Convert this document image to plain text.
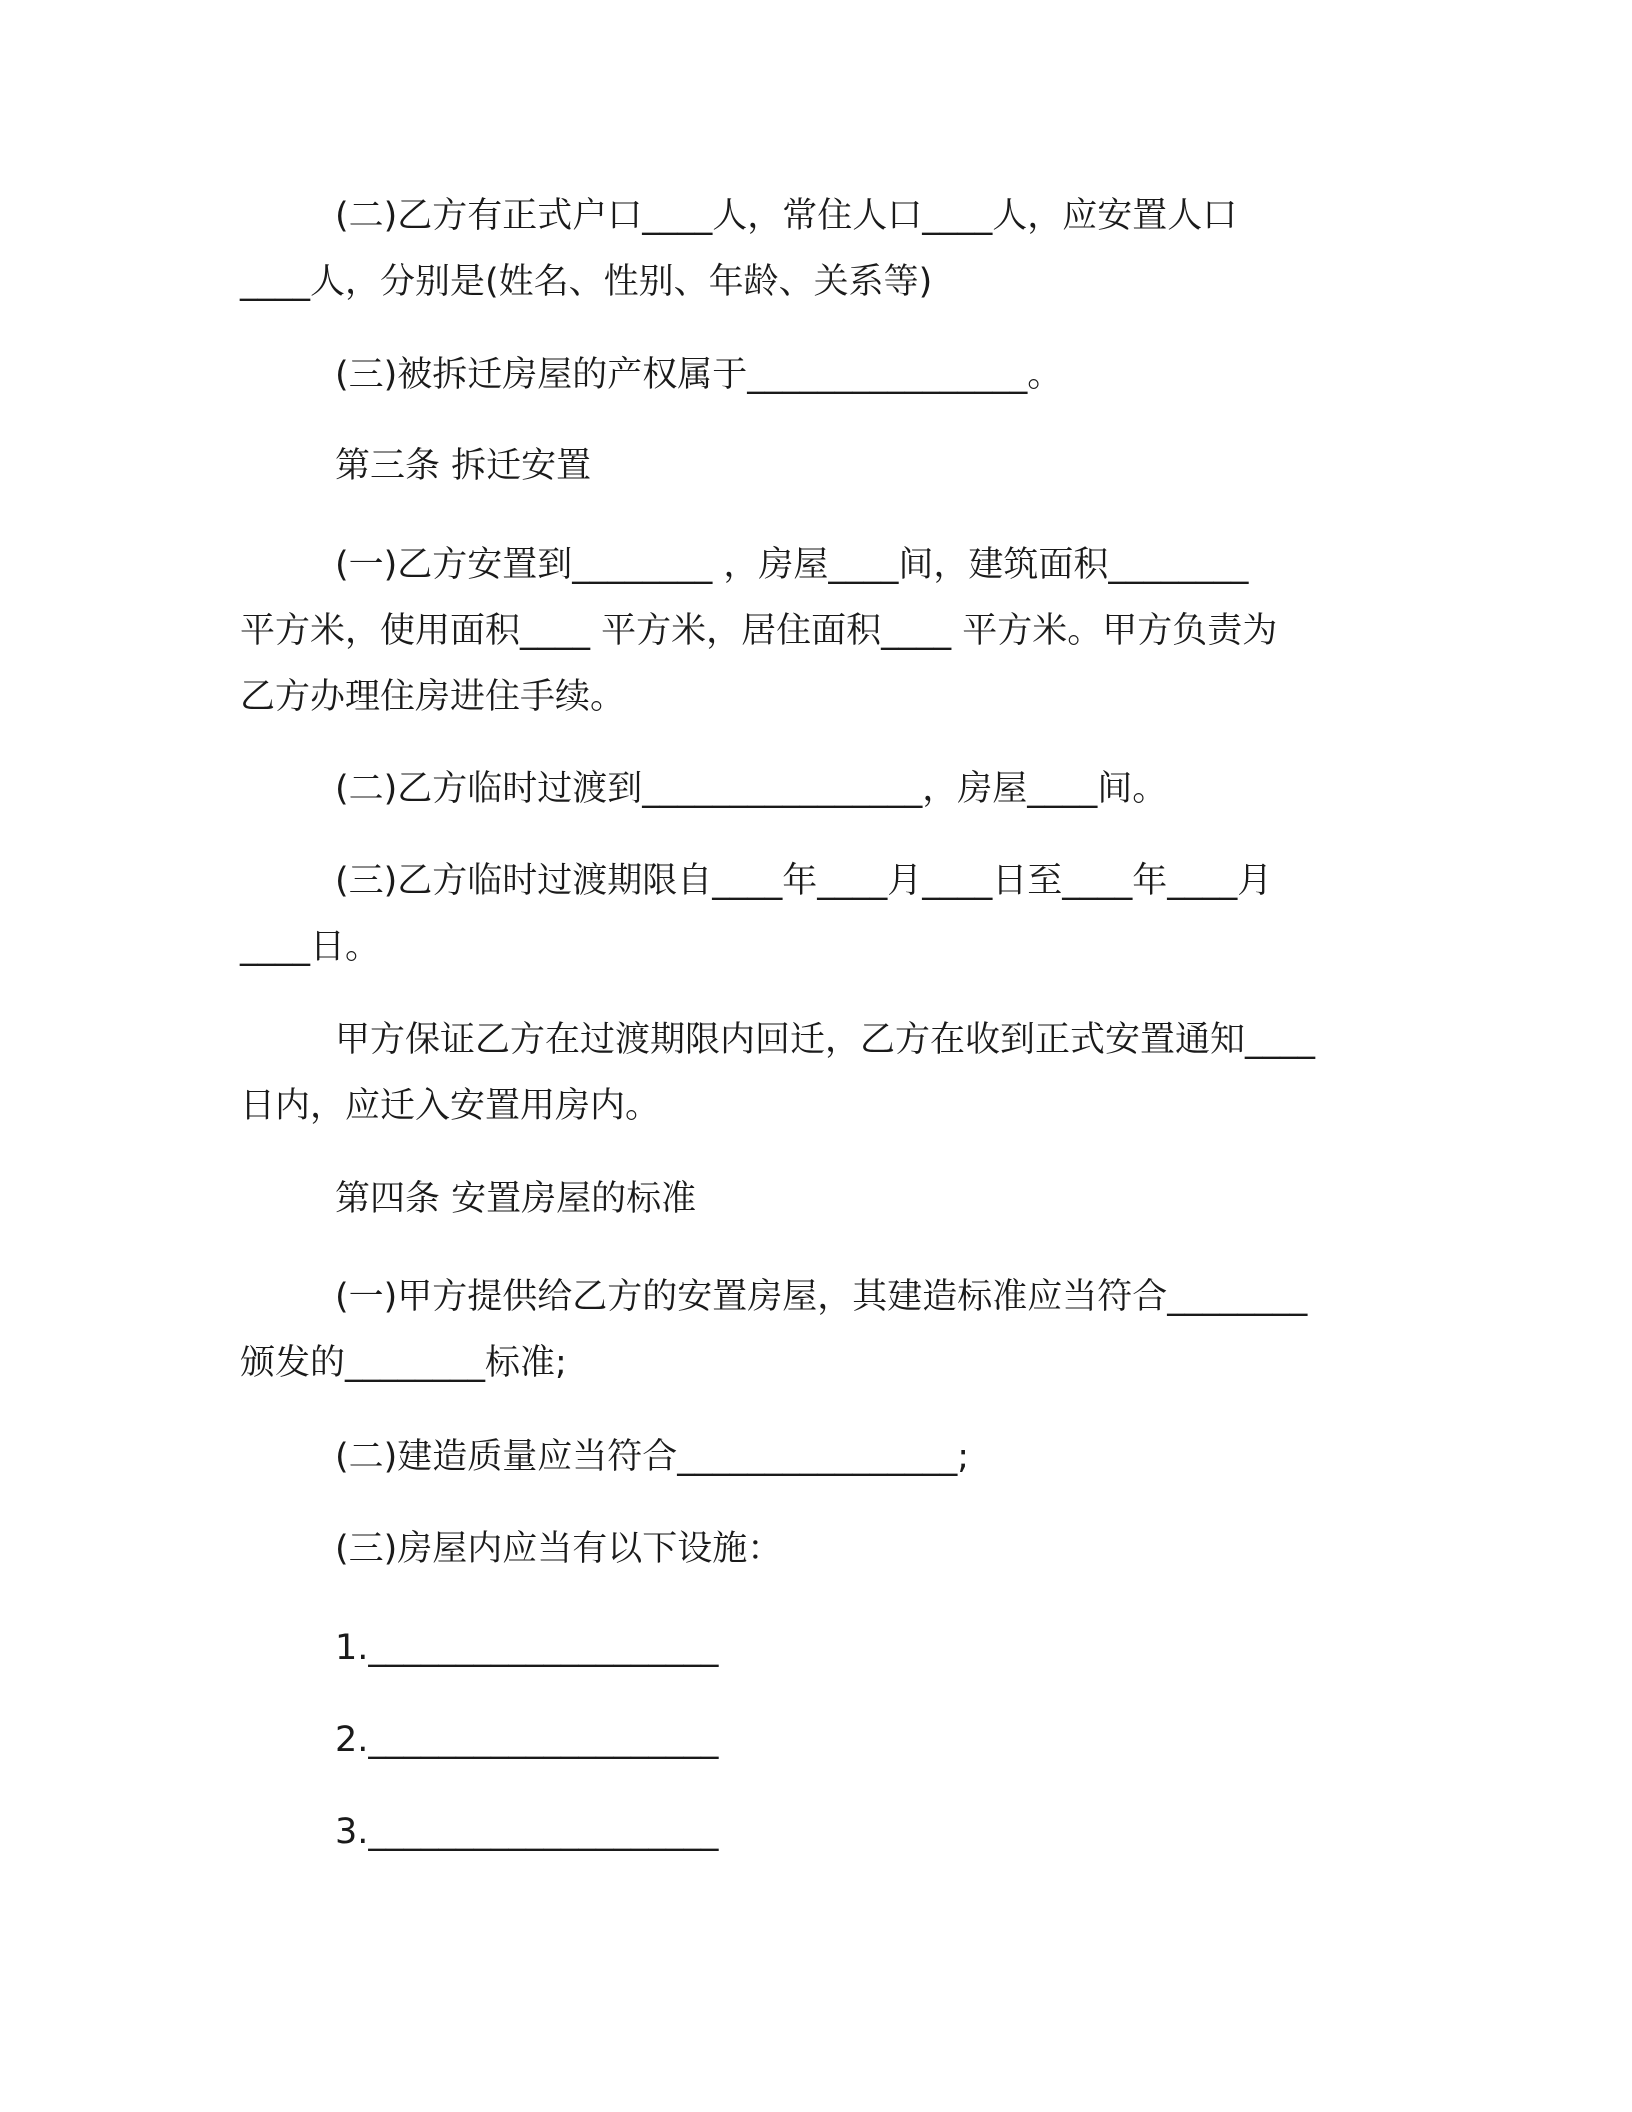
(二)乙方有正式户口____人，常住人口____人，应安置人口
____人，分别是(姓名、性别、年龄、关系等)
(三)被拆迁房屋的产权属于________________。
第三条 拆迁安置
(一)乙方安置到________ ，房屋____间，建筑面积________
平方米，使用面积____ 平方米，居住面积____ 平方米。甲方负责为
乙方办理住房进住手续。
(二)乙方临时过渡到________________，房屋____间。
(三)乙方临时过渡期限自____年____月____日至____年____月
____日。
甲方保证乙方在过渡期限内回迁，乙方在收到正式安置通知____
日内，应迁入安置用房内。
第四条 安置房屋的标准
(一)甲方提供给乙方的安置房屋，其建造标准应当符合________
颁发的________标准;
(二)建造质量应当符合________________;
(三)房屋内应当有以下设施：
1.____________________
2.____________________
3.____________________
